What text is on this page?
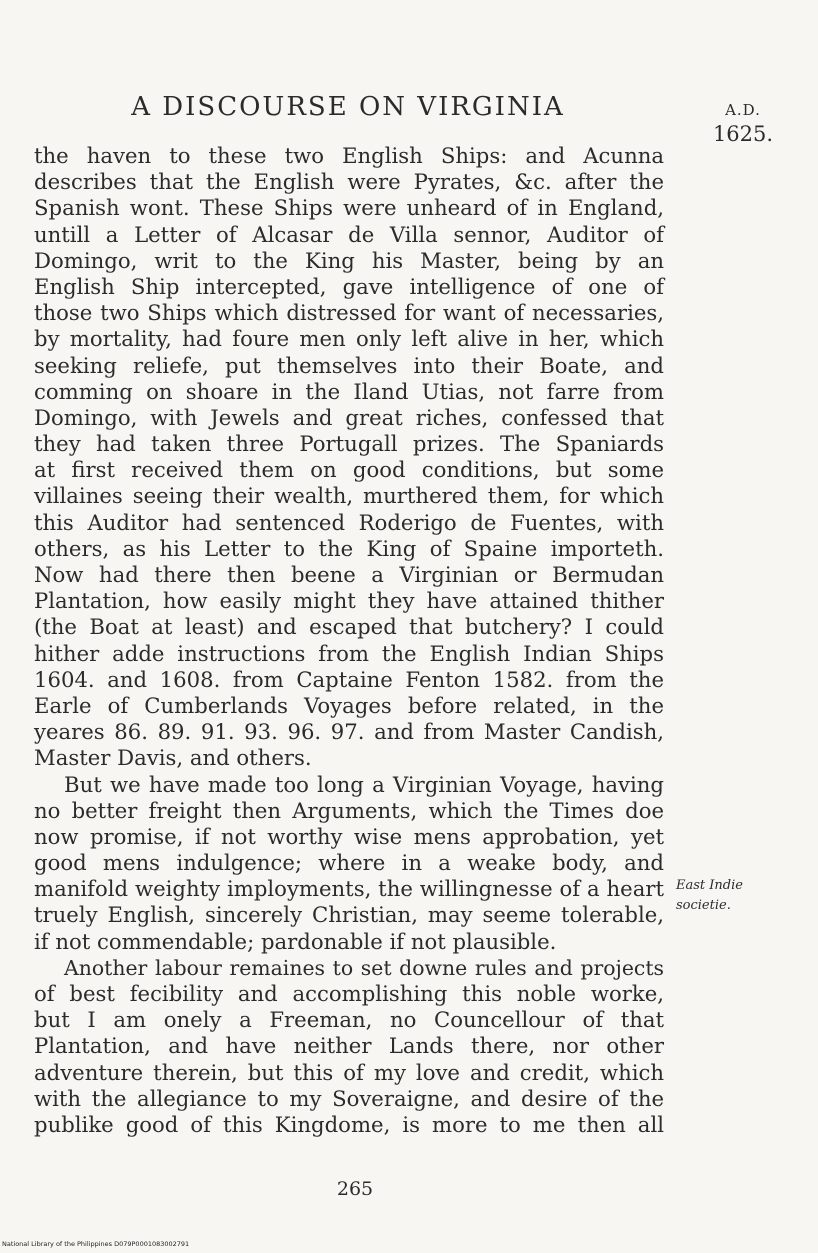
A DISCOURSE ON VIRGINIA	A.D.
1625.
the haven to these two English Ships: and Acunna
describes that the English were Pyrates, &c. after the
Spanish wont. These Ships were unheard of in England,
untill a Letter of Alcasar de Villa sennor, Auditor of
Domingo, writ to the King his Master, being by an
English Ship intercepted, gave intelligence of one of
those two Ships which distressed for want of necessaries,
by mortality, had foure men only left alive in her, which
seeking reliefe, put themselves into their Boate, and
comming on shoare in the Iland Utias, not farre from
Domingo, with Jewels and great riches, confessed that
they had taken three Portugall prizes. The Spaniards
at first received them on good conditions, but some
villaines seeing their wealth, murthered them, for which
this Auditor had sentenced Roderigo de Fuentes, with
others, as his Letter to the King of Spaine importeth.
Now had there then beene a Virginian or Bermudan
Plantation, how easily might they have attained thither
(the Boat at least) and escaped that butchery? I could
hither adde instructions from the English Indian Ships
1604. and 1608. from Captaine Fenton 1582. from the
Earle of Cumberlands Voyages before related, in the
yeares 86. 89. 91. 93. 96. 97. and from Master Candish,
Master Davis, and others.
But we have made too long a Virginian Voyage, having
no better freight then Arguments, which the Times doe
now promise, if not worthy wise mens approbation, yet
good mens indulgence; where in a weake body, and
manifold weighty imployments, the willingnesse of a heart
truely English, sincerely Christian, may seeme tolerable,
if not commendable; pardonable if not plausible.
Another labour remaines to set downe rules and projects
of best fecibility and accomplishing this noble worke,
but I am onely a Freeman, no Councellour of that
Plantation, and have neither Lands there, nor other
adventure therein, but this of my love and credit, which
with the allegiance to my Soveraigne, and desire of the
publike good of this Kingdome, is more to me then all
East Indie
societie.
265
National Library of the Philippines D079P0001083002791
